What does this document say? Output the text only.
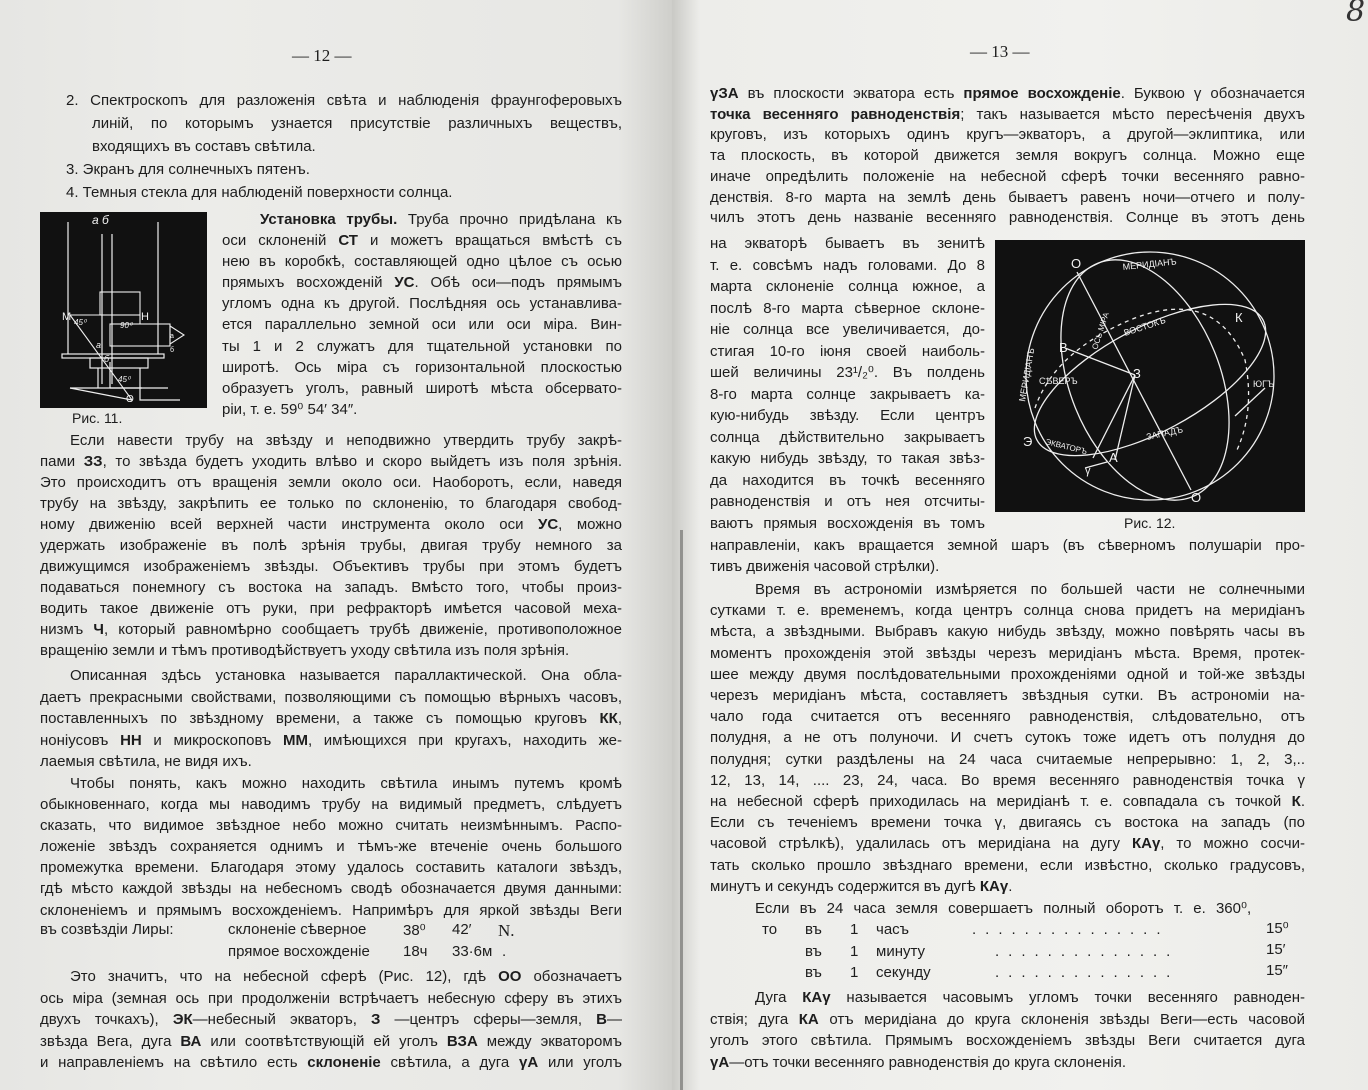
— 12 —
2. Спектроскопъ для разложенія свѣта и наблюденія фраунгоферовыхъ
линій, по которымъ узнается присутствіе различныхъ веществъ,
входящихъ въ составъ свѣтила.
3. Экранъ для солнечныхъ пятенъ.
4. Темныя стекла для наблюденій поверхности солнца.
а б
М	Н
45⁰	90⁰
а
б
45⁰
О
а
б
Рис. 11.
Установка трубы. Труба прочно придѣлана къ
оси склоненій СТ и можетъ вращаться вмѣстѣ съ
нею въ коробкѣ, составляющей одно цѣлое съ осью
прямыхъ восхожденій УС. Обѣ оси—подъ прямымъ
угломъ одна къ другой. Послѣдняя ось устанавлива-
ется параллельно земной оси или оси міра. Вин-
ты 1 и 2 служатъ для тщательной установки по
широтѣ. Ось міра съ горизонтальной плоскостью
образуетъ уголъ, равный широтѣ мѣста обсервато-
ріи, т. е. 59⁰ 54′ 34″.
Если навести трубу на звѣзду и неподвижно утвердить трубу закрѣ-
пами ЗЗ, то звѣзда будетъ уходить влѣво и скоро выйдетъ изъ поля зрѣнія.
Это происходитъ отъ вращенія земли около оси. Наоборотъ, если, наведя
трубу на звѣзду, закрѣпить ее только по склоненію, то благодаря свобод-
ному движенію всей верхней части инструмента около оси УС, можно
удержать изображеніе въ полѣ зрѣнія трубы, двигая трубу немного за
движущимся изображеніемъ звѣзды. Объективъ трубы при этомъ будетъ
подаваться понемногу съ востока на западъ. Вмѣсто того, чтобы произ-
водить такое движеніе отъ руки, при рефракторѣ имѣется часовой меха-
низмъ Ч, который равномѣрно сообщаетъ трубѣ движеніе, противоположное
вращенію земли и тѣмъ противодѣйствуетъ уходу свѣтила изъ поля зрѣнія.
Описанная здѣсь установка называется параллактической. Она обла-
даетъ прекрасными свойствами, позволяющими съ помощью вѣрныхъ часовъ,
поставленныхъ по звѣздному времени, а также съ помощью круговъ КК,
ноніусовъ НН и микроскоповъ ММ, имѣющихся при кругахъ, находить же-
лаемыя свѣтила, не видя ихъ.
Чтобы понять, какъ можно находить свѣтила инымъ путемъ кромѣ
обыкновеннаго, когда мы наводимъ трубу на видимый предметъ, слѣдуетъ
сказать, что видимое звѣздное небо можно считать неизмѣннымъ. Распо-
ложеніе звѣздъ сохраняется однимъ и тѣмъ-же втеченіе очень большого
промежутка времени. Благодаря этому удалось составить каталоги звѣздъ,
гдѣ мѣсто каждой звѣзды на небесномъ сводѣ обозначается двумя данными:
склоненіемъ и прямымъ восхожденіемъ. Напримѣръ для яркой звѣзды Веги
въ созвѣздіи Лиры:	склоненіе сѣверное 38⁰ 42′ N.
прямое восхожденіе 18ч 33·6м .
Это значитъ, что на небесной сферѣ (Рис. 12), гдѣ ОО обозначаетъ
ось міра (земная ось при продолженіи встрѣчаетъ небесную сферу въ этихъ
двухъ точкахъ), ЭК—небесный экваторъ, З —центръ сферы—земля, В—
звѣзда Вега, дуга ВА или соотвѣтствующій ей уголъ ВЗА между экваторомъ
и направленіемъ на свѣтило есть склоненіе свѣтила, а дуга γА или уголъ
— 13 —
8
γЗА въ плоскости экватора есть прямое восхожденіе. Буквою γ обозначается
точка весенняго равноденствія; такъ называется мѣсто пересѣченія двухъ
круговъ, изъ которыхъ одинъ кругъ—экваторъ, а другой—эклиптика, или
та плоскость, въ которой движется земля вокругъ солнца. Можно еще
иначе опредѣлить положеніе на небесной сферѣ точки весенняго равно-
денствія. 8-го марта на землѣ день бываетъ равенъ ночи—отчего и полу-
чилъ этотъ день названіе весенняго равноденствія. Солнце въ этотъ день
на экваторѣ бываетъ въ зенитѣ
т. е. совсѣмъ надъ головами. До 8
марта склоненіе солнца южное, а
послѣ 8-го марта сѣверное склоне-
ніе солнца все увеличивается, до-
стигая 10-го іюня своей наиболь-
шей величины 23¹/₂⁰. Въ полдень
8-го марта солнце закрываетъ ка-
кую-нибудь звѣзду. Если центръ
солнца дѣйствительно закрываетъ
какую нибудь звѣзду, то такая звѣз-
да находится въ точкѣ весенняго
равноденствія и отъ нея отсчиты-
ваютъ прямыя восхожденія въ томъ
МЕРИДІАНЪ
МЕРИДІАНЪ
О
О
К
В
З
СѢВЕРЪ	ЮГЪ
ВОСТОКЪ
ОСЬ МІРА
ЗАПАДЪ
ЭКВАТОРЪ
Э
А
γ
Рис. 12.
направленіи, какъ вращается земной шаръ (въ сѣверномъ полушаріи про-
тивъ движенія часовой стрѣлки).
Время въ астрономіи измѣряется по большей части не солнечными
сутками т. е. временемъ, когда центръ солнца снова придетъ на меридіанъ
мѣста, а звѣздными. Выбравъ какую нибудь звѣзду, можно повѣрять часы въ
моментъ прохожденія этой звѣзды черезъ меридіанъ мѣста. Время, протек-
шее между двумя послѣдовательными прохожденіями одной и той-же звѣзды
черезъ меридіанъ мѣста, составляетъ звѣздныя сутки. Въ астрономіи на-
чало года считается отъ весенняго равноденствія, слѣдовательно, отъ
полудня, а не отъ полуночи. И счетъ сутокъ тоже идетъ отъ полудня до
полудня; сутки раздѣлены на 24 часа считаемые непрерывно: 1, 2, 3,..
12, 13, 14, .... 23, 24, часа. Во время весенняго равноденствія точка γ
на небесной сферѣ приходилась на меридіанѣ т. е. совпадала съ точкой К.
Если съ теченіемъ времени точка γ, двигаясь съ востока на западъ (по
часовой стрѣлкѣ), удалилась отъ меридіана на дугу КАγ, то можно сосчи-
тать сколько прошло звѣзднаго времени, если извѣстно, сколько градусовъ,
минутъ и секундъ содержится въ дугѣ КАγ.
Если въ 24 часа земля совершаетъ полный оборотъ т. е. 360⁰,
то въ 1 часъ	...............	15⁰
въ 1 минуту	..............	15′
въ 1 секунду	..............	15″
Дуга КАγ называется часовымъ угломъ точки весенняго равноден-
ствія; дуга КА отъ меридіана до круга склоненія звѣзды Веги—есть часовой
уголъ этого свѣтила. Прямымъ восхожденіемъ звѣзды Веги считается дуга
γА—отъ точки весенняго равноденствія до круга склоненія.
